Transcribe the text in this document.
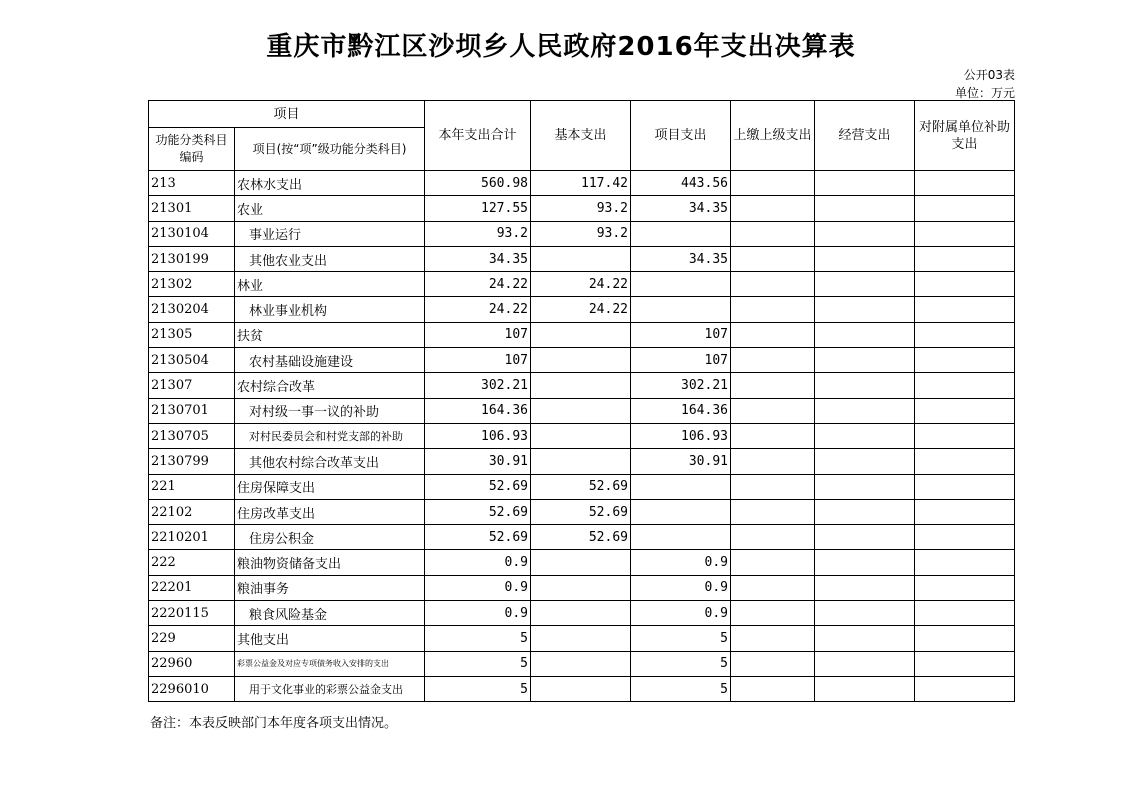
重庆市黔江区沙坝乡人民政府2016年支出决算表
公开03表
单位：万元
项目		本年支出合计	基本支出	项目支出	上缴上级支出	经营支出	对附属单位补助支出
功能分类科目编码	项目(按“项”级功能分类科目)						
213	农林水支出	560.98	117.42	443.56			
21301	农业	127.55	93.2	34.35			
2130104	事业运行	93.2	93.2				
2130199	其他农业支出	34.35		34.35			
21302	林业	24.22	24.22				
2130204	林业事业机构	24.22	24.22				
21305	扶贫	107		107			
2130504	农村基础设施建设	107		107			
21307	农村综合改革	302.21		302.21			
2130701	对村级一事一议的补助	164.36		164.36			
2130705	对村民委员会和村党支部的补助	106.93		106.93			
2130799	其他农村综合改革支出	30.91		30.91			
221	住房保障支出	52.69	52.69				
22102	住房改革支出	52.69	52.69				
2210201	住房公积金	52.69	52.69				
222	粮油物资储备支出	0.9		0.9			
22201	粮油事务	0.9		0.9			
2220115	粮食风险基金	0.9		0.9			
229	其他支出	5		5			
22960	彩票公益金及对应专项债务收入安排的支出	5		5			
2296010	用于文化事业的彩票公益金支出	5		5			
备注：本表反映部门本年度各项支出情况。
